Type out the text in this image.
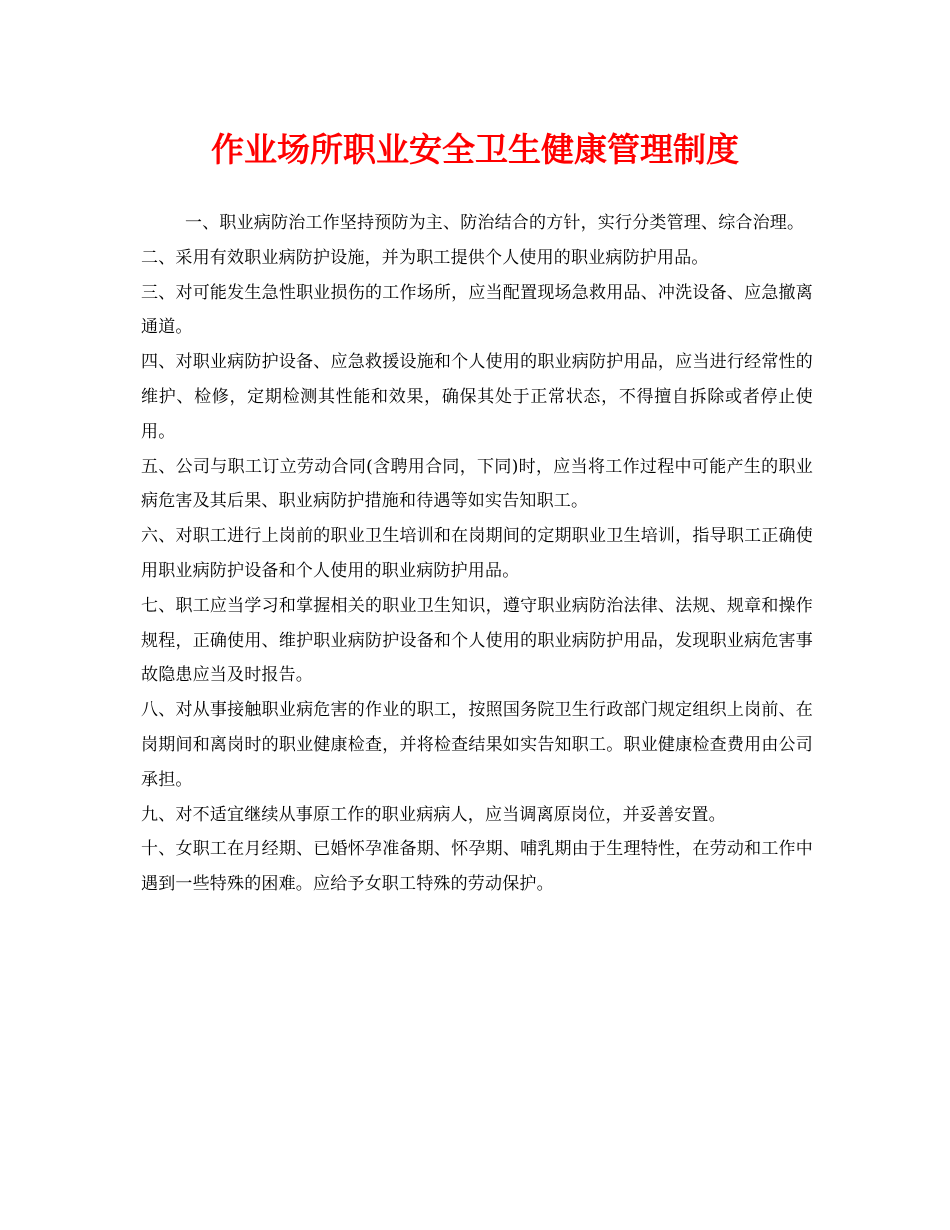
作业场所职业安全卫生健康管理制度

一、职业病防治工作坚持预防为主、防治结合的方针，实行分类管理、综合治理。

二、采用有效职业病防护设施，并为职工提供个人使用的职业病防护用品。

三、对可能发生急性职业损伤的工作场所，应当配置现场急救用品、冲洗设备、应急撤离通道。

四、对职业病防护设备、应急救援设施和个人使用的职业病防护用品，应当进行经常性的维护、检修，定期检测其性能和效果，确保其处于正常状态，不得擅自拆除或者停止使用。

五、公司与职工订立劳动合同(含聘用合同，下同)时，应当将工作过程中可能产生的职业病危害及其后果、职业病防护措施和待遇等如实告知职工。

六、对职工进行上岗前的职业卫生培训和在岗期间的定期职业卫生培训，指导职工正确使用职业病防护设备和个人使用的职业病防护用品。

七、职工应当学习和掌握相关的职业卫生知识，遵守职业病防治法律、法规、规章和操作规程，正确使用、维护职业病防护设备和个人使用的职业病防护用品，发现职业病危害事故隐患应当及时报告。

八、对从事接触职业病危害的作业的职工，按照国务院卫生行政部门规定组织上岗前、在岗期间和离岗时的职业健康检查，并将检查结果如实告知职工。职业健康检查费用由公司承担。

九、对不适宜继续从事原工作的职业病病人，应当调离原岗位，并妥善安置。

十、女职工在月经期、已婚怀孕准备期、怀孕期、哺乳期由于生理特性，在劳动和工作中遇到一些特殊的困难。应给予女职工特殊的劳动保护。
